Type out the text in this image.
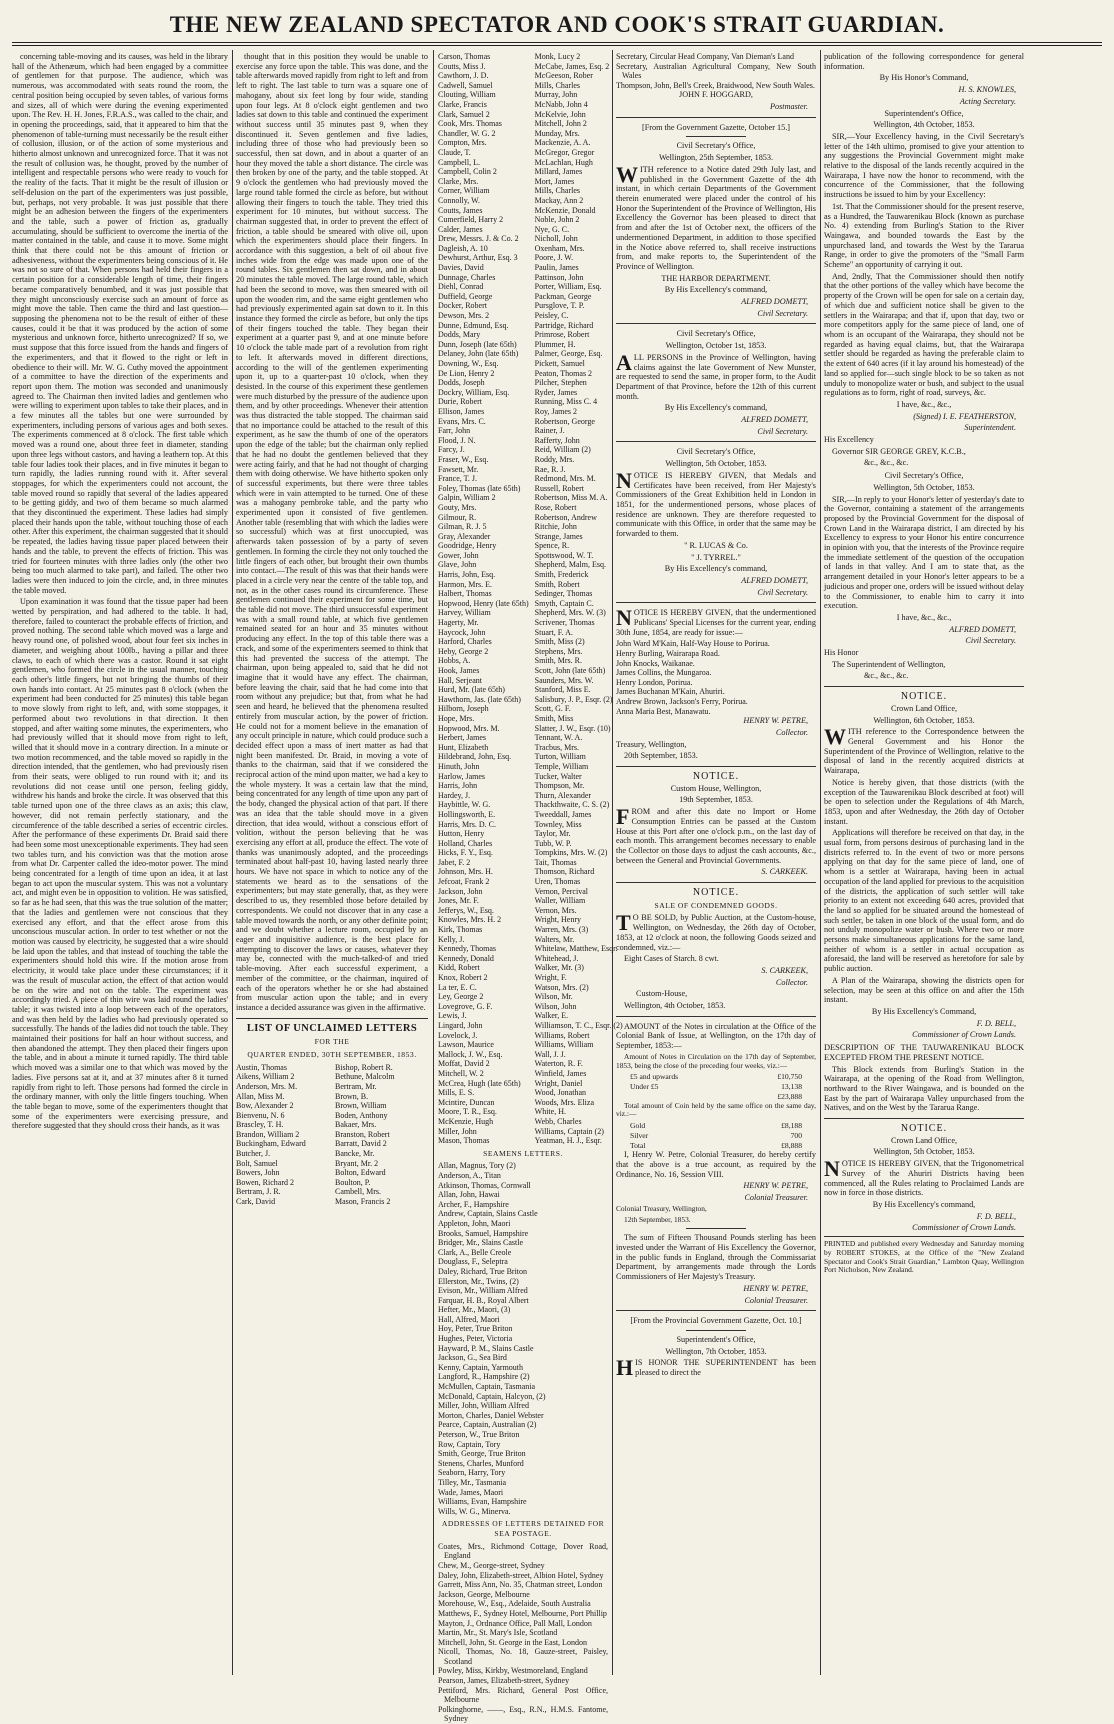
THE NEW ZEALAND SPECTATOR AND COOK'S STRAIT GUARDIAN.

concerning table-moving and its causes, was held in the library hall of the Athenæum, which had been engaged by a committee of gentlemen for that purpose. The audience, which was numerous, was accommodated with seats round the room, the central position being occupied by seven tables, of various forms and sizes, all of which were during the evening experimented upon. The Rev. H. H. Jones, F.R.A.S., was called to the chair, and in opening the proceedings, said, that it appeared to him that the phenomenon of table-turning must necessarily be the result either of collusion, illusion, or of the action of some mysterious and hitherto almost unknown and unrecognized force. That it was not the result of collusion was, he thought, proved by the number of intelligent and respectable persons who were ready to vouch for the reality of the facts. That it might be the result of illusion or self-delusion on the part of the experimenters was just possible, but, perhaps, not very probable. It was just possible that there might be an adhesion between the fingers of the experimenters and the table, such a power of friction as, gradually accumulating, should be sufficient to overcome the inertia of the matter contained in the table, and cause it to move. Some might think that there could not be this amount of friction or adhesiveness, without the experimenters being conscious of it. He was not so sure of that. When persons had held their fingers in a certain position for a considerable length of time, their fingers became comparatively benumbed, and it was just possible that they might unconsciously exercise such an amount of force as might move the table. Then came the third and last question—supposing the phenomena not to be the result of either of these causes, could it be that it was produced by the action of some mysterious and unknown force, hitherto unrecognized? If so, we must suppose that this force issued from the hands and fingers of the experimenters, and that it flowed to the right or left in obedience to their will. Mr. W. G. Cuthy moved the appointment of a committee to have the direction of the experiments and report upon them. The motion was seconded and unanimously agreed to. The Chairman then invited ladies and gentlemen who were willing to experiment upon tables to take their places, and in a few minutes all the tables but one were surrounded by experimenters, including persons of various ages and both sexes. The experiments commenced at 8 o'clock. The first table which moved was a round one, about three feet in diameter, standing upon three legs without castors, and having a leathern top. At this table four ladies took their places, and in five minutes it began to turn rapidly, the ladies running round with it. After several stoppages, for which the experimenters could not account, the table moved round so rapidly that several of the ladies appeared to be getting giddy, and two of them became so much alarmed that they discontinued the experiment. These ladies had simply placed their hands upon the table, without touching those of each other. After this experiment, the chairman suggested that it should be repeated, the ladies having tissue paper placed between their hands and the table, to prevent the effects of friction. This was tried for fourteen minutes with three ladies only (the other two being too much alarmed to take part), and failed. The other two ladies were then induced to join the circle, and, in three minutes the table moved.

Upon examination it was found that the tissue paper had been wetted by perspiration, and had adhered to the table. It had, therefore, failed to counteract the probable effects of friction, and proved nothing. The second table which moved was a large and heavy round one, of polished wood, about four feet six inches in diameter, and weighing about 100lb., having a pillar and three claws, to each of which there was a castor. Round it sat eight gentlemen, who formed the circle in the usual manner, touching each other's little fingers, but not bringing the thumbs of their own hands into contact. At 25 minutes past 8 o'clock (when the experiment had been conducted for 25 minutes) this table began to move slowly from right to left, and, with some stoppages, it performed about two revolutions in that direction. It then stopped, and after waiting some minutes, the experimenters, who had previously willed that it should move from right to left, willed that it should move in a contrary direction. In a minute or two motion recommenced, and the table moved so rapidly in the direction intended, that the gentlemen, who had previously risen from their seats, were obliged to run round with it; and its revolutions did not cease until one person, feeling giddy, withdrew his hands and broke the circle. It was observed that this table turned upon one of the three claws as an axis; this claw, however, did not remain perfectly stationary, and the circumference of the table described a series of eccentric circles. After the performance of these experiments Dr. Braid said there had been some most unexceptionable experiments. They had seen two tables turn, and his conviction was that the motion arose from what Dr. Carpenter called the ideo-motor power. The mind being concentrated for a length of time upon an idea, it at last began to act upon the muscular system. This was not a voluntary act, and might even be in opposition to volition. He was satisfied, so far as he had seen, that this was the true solution of the matter; that the ladies and gentlemen were not conscious that they exercised any effort, and that the effect arose from this unconscious muscular action. In order to test whether or not the motion was caused by electricity, he suggested that a wire should be laid upon the tables, and that instead of touching the table the experimenters should hold this wire. If the motion arose from electricity, it would take place under these circumstances; if it was the result of muscular action, the effect of that action would be on the wire and not on the table. The experiment was accordingly tried. A piece of thin wire was laid round the ladies' table; it was twisted into a loop between each of the operators, and was then held by the ladies who had previously operated so successfully. The hands of the ladies did not touch the table. They maintained their positions for half an hour without success, and then abandoned the attempt. They then placed their fingers upon the table, and in about a minute it turned rapidly. The third table which moved was a similar one to that which was moved by the ladies. Five persons sat at it, and at 37 minutes after 8 it turned rapidly from right to left. Those persons had formed the circle in the ordinary manner, with only the little fingers touching. When the table began to move, some of the experimenters thought that some of the experimenters were exercising pressure, and therefore suggested that they should cross their hands, as it was

thought that in this position they would be unable to exercise any force upon the table. This was done, and the table afterwards moved rapidly from right to left and from left to right. The last table to turn was a square one of mahogany, about six feet long by four wide, standing upon four legs. At 8 o'clock eight gentlemen and two ladies sat down to this table and continued the experiment without success until 35 minutes past 9, when they discontinued it. Seven gentlemen and five ladies, including three of those who had previously been so successful, then sat down, and in about a quarter of an hour they moved the table a short distance. The circle was then broken by one of the party, and the table stopped. At 9 o'clock the gentlemen who had previously moved the large round table formed the circle as before, but without allowing their fingers to touch the table. They tried this experiment for 10 minutes, but without success. The chairman suggested that, in order to prevent the effect of friction, a table should be smeared with olive oil, upon which the experimenters should place their fingers. In accordance with this suggestion, a belt of oil about five inches wide from the edge was made upon one of the round tables. Six gentlemen then sat down, and in about 20 minutes the table moved. The large round table, which had been the second to move, was then smeared with oil upon the wooden rim, and the same eight gentlemen who had previously experimented again sat down to it. In this instance they formed the circle as before, but only the tips of their fingers touched the table. They began their experiment at a quarter past 9, and at one minute before 10 o'clock the table made part of a revolution from right to left. It afterwards moved in different directions, according to the will of the gentlemen experimenting upon it, up to a quarter-past 10 o'clock, when they desisted. In the course of this experiment these gentlemen were much disturbed by the pressure of the audience upon them, and by other proceedings. Whenever their attention was thus distracted the table stopped. The chairman said that no importance could be attached to the result of this experiment, as he saw the thumb of one of the operators upon the edge of the table; but the chairman only replied that he had no doubt the gentlemen believed that they were acting fairly, and that he had not thought of charging them with doing otherwise. We have hitherto spoken only of successful experiments, but there were three tables which were in vain attempted to be turned. One of these was a mahogany pembroke table, and the party who experimented upon it consisted of five gentlemen. Another table (resembling that with which the ladies were so successful) which was at first unoccupied, was afterwards taken possession of by a party of seven gentlemen. In forming the circle they not only touched the little fingers of each other, but brought their own thumbs into contact.—The result of this was that their hands were placed in a circle very near the centre of the table top, and not, as in the other cases round its circumference. These gentlemen continued their experiment for some time, but the table did not move. The third unsuccessful experiment was with a small round table, at which five gentlemen remained seated for an hour and 35 minutes without producing any effect. In the top of this table there was a crack, and some of the experimenters seemed to think that this had prevented the success of the attempt. The chairman, upon being appealed to, said that he did not imagine that it would have any effect. The chairman, before leaving the chair, said that he had come into that room without any prejudice; but that, from what he had seen and heard, he believed that the phenomena resulted entirely from muscular action, by the power of friction. He could not for a moment believe in the emanation of any occult principle in nature, which could produce such a decided effect upon a mass of inert matter as had that night been manifested. Dr. Braid, in moving a vote of thanks to the chairman, said that if we considered the reciprocal action of the mind upon matter, we had a key to the whole mystery. It was a certain law that the mind, being concentrated for any length of time upon any part of the body, changed the physical action of that part. If there was an idea that the table should move in a given direction, that idea would, without a conscious effort of volition, without the person believing that he was exercising any effort at all, produce the effect. The vote of thanks was unanimously adopted, and the proceedings terminated about half-past 10, having lasted nearly three hours. We have not space in which to notice any of the statements we heard as to the sensations of the experimenters; but may state generally, that, as they were described to us, they resembled those before detailed by correspondents. We could not discover that in any case a table moved towards the north, or any other definite point; and we doubt whether a lecture room, occupied by an eager and inquisitive audience, is the best place for attempting to discover the laws or causes, whatever they may be, connected with the much-talked-of and tried table-moving. After each successful experiment, a member of the committee, or the chairman, inquired of each of the operators whether he or she had abstained from muscular action upon the table; and in every instance a decided assurance was given in the affirmative.

LIST OF UNCLAIMED LETTERS
FOR THE
QUARTER ENDED, 30TH SEPTEMBER, 1853.
Austin, Thomas
Aikens, William 2
Anderson, Mrs. M.
Allan, Miss M.
Bow, Alexander 2
Bienvenu, N. 6
Brascley, T. H.
Brandon, William 2
Buckingham, Edward
Butcher, J.
Bolt, Samuel
Bowers, John
Bowen, Richard 2
Bertram, J. R.
Cark, David
Bishop, Robert R.
Bethune, Malcolm
Bertram, Mr.
Brown, B.
Brown, William
Boden, Anthony
Bakaer, Mrs.
Branston, Robert
Barratt, David 2
Bancke, Mr.
Bryant, Mr. 2
Bolton, Edward
Boulton, P.
Cambell, Mrs.
Mason, Francis 2
Carson, Thomas
Coutts, Miss J.
Cawthorn, J. D.
Cadwell, Samuel
Clouting, William
Clarke, Francis
Clark, Samuel 2
Cook, Mrs. Thomas
Chandler, W. G. 2
Compton, Mrs.
Claude, T.
Campbell, L.
Campbell, Colin 2
Clarke, Mrs.
Corner, William
Connolly, W.
Coutts, James
Cumerfield, Harry 2
Calder, James
Drew, Messrs. J. & Co. 2
Dagleish, A. 10
Dewhurst, Arthur, Esq. 3
Davies, David
Dunnage, Charles
Diehl, Conrad
Duffield, George
Docker, Robert
Dewson, Mrs. 2
Dunne, Edmund, Esq.
Dodds, Mary
Dunn, Joseph (late 65th)
Delaney, John (late 65th)
Downing, W., Esq.
De Lion, Henry 2
Dodds, Joseph
Dockry, William, Esq.
Durie, Robert
Ellison, James
Evans, Mrs. C.
Farr, John
Flood, J. N.
Farcy, J.
Fraser, W., Esq.
Fawsett, Mr.
France, T. J.
Foley, Thomas (late 65th)
Galpin, William 2
Gouty, Mrs.
Gilmour, R.
Gilman, R. J. 5
Gray, Alexander
Goodridge, Henry
Gower, John
Glave, John
Harris, John, Esq.
Harmon, Mrs. E.
Halbert, Thomas
Hopwood, Henry (late 65th)
Harvey, William
Hagerty, Mr.
Haycock, John
Harford, Charles
Heby, George 2
Hobbs, A.
Hook, James
Hall, Serjeant
Hurd, Mr. (late 65th)
Hawthorn, Jas. (late 65th)
Hilborn, Joseph
Hope, Mrs.
Hopwood, Mrs. M.
Herbert, James
Hunt, Elizabeth
Hildebrand, John, Esq.
Hinuth, John
Harlow, James
Harris, John
Hardey, J.
Haybittle, W. G.
Hollingsworth, E.
Harris, Mrs. D. C.
Hutton, Henry
Holland, Charles
Hicks, F. Y., Esq.
Jabet, F. 2
Johnson, Mrs. H.
Jefcoat, Frank 2
Jackson, John
Jones, Mr. F.
Jefferys, W., Esq.
Knowles, Mrs. H. 2
Kirk, Thomas
Kelly, J.
Kennedy, Thomas
Kennedy, Donald
Kidd, Robert
Knox, Robert 2
La ter, E. C.
Ley, George 2
Lovegrove, G. F.
Lewis, J.
Lingard, John
Lovelock, J.
Lawson, Maurice
Mallock, J. W., Esq.
Moffat, David 2
Mitchell, W. 2
McCrea, Hugh (late 65th)
Mills, E. S.
Mcintire, Duncan
Moore, T. R., Esq.
McKenzie, Hugh
Miller, John
Mason, Thomas
Monk, Lucy 2
McCabe, James, Esq. 2
McGeeson, Rober
Mills, Charles
Murray, John
McNabb, John 4
McKelvie, John
Mitchell, John 2
Munday, Mrs.
Mackenzie, A. A.
McGregor, Gregor
McLachlan, Hugh
Millard, James
Mort, James
Mills, Charles
Mackay, Ann 2
McKenzie, Donald
Noble, John 2
Nye, G. C.
Nicholl, John
Oxenham, Mrs.
Poore, J. W.
Paulin, James
Pattinson, John
Porter, William, Esq.
Packman, George
Pursglove, T. P.
Peisley, C.
Partridge, Richard
Primrose, Robert
Plummer, H.
Palmer, George, Esq.
Pickett, Samuel
Peaton, Thomas 2
Pilcher, Stephen
Ryder, James
Running, Miss C. 4
Roy, James 2
Robertson, George
Rainer, J.
Rafferty, John
Reid, William (2)
Roddy, Mrs.
Rae, R. J.
Redmond, Mrs. M.
Russell, Robert
Robertson, Miss M. A.
Rose, Robert
Robertson, Andrew
Ritchie, John
Strange, James
Spence, R.
Spottswood, W. T.
Shepherd, Malm, Esq.
Smith, Frederick
Smith, Robert
Sedinger, Thomas
Smyth, Captain C.
Shepherd, Mrs. W. (3)
Scrivener, Thomas
Stuart, F. A.
Smith, Miss (2)
Stephens, Mrs.
Smith, Mrs. R.
Scott, John (late 65th)
Saunders, Mrs. W.
Stanford, Miss E.
Salisbury, J. P., Esqr. (2)
Scott, G. F.
Smith, Miss
Slatter, J. W., Esqr. (10)
Tennant, W. A.
Tracbus, Mrs.
Turton, William
Temple, William
Tucker, Walter
Thompson, Mr.
Thurn, Alexander
Thackthwaite, C. S. (2)
Tweeddall, James
Townley, Miss
Taylor, Mr.
Tubb, W. P.
Tompkins, Mrs. W. (2)
Tait, Thomas
Thomson, Richard
Uren, Thomas
Vernon, Percival
Waller, William
Vernon, Mrs.
Wright, Henry
Warren, Mrs. (3)
Walters, Mr.
Whitelaw, Matthew, Esqr.
Whitehead, J.
Walker, Mr. (3)
Wright, F.
Watson, Mrs. (2)
Wilson, Mr.
Wilson, John
Walker, E.
Williamson, T. C., Esqr. (2)
Williams, Robert
Williams, William
Wall, J. J.
Waterton, R. F.
Winfield, James
Wright, Daniel
Wood, Jonathan
Woods, Mrs. Eliza
White, H.
Webb, Charles
Williams, Captain (2)
Yeatman, H. J., Esqr.
SEAMENS LETTERS.
Allan, Magnus, Tory (2)
Anderson, A., Titan
Atkinson, Thomas, Cornwall
Allan, John, Hawai
Archer, F., Hampshire
Andrew, Captain, Slains Castle
Appleton, John, Maori
Brooks, Samuel, Hampshire
Bridger, Mr., Slains Castle
Clark, A., Belle Creole
Douglass, F., Seleptra
Daley, Richard, True Briton
Ellerston, Mr., Twins, (2)
Evison, Mr., William Alfred
Farquar, H. B., Royal Albert
Hefter, Mr., Maori, (3)
Hall, Alfred, Maori
Hoy, Peter, True Briton
Hughes, Peter, Victoria
Hayward, P. M., Slains Castle
Jackson, G., Sea Bird
Kenny, Captain, Yarmouth
Langford, R., Hampshire (2)
McMullen, Captain, Tasmania
McDonald, Captain, Halcyon, (2)
Miller, John, William Alfred
Morton, Charles, Daniel Webster
Pearce, Captain, Australian (2)
Peterson, W., True Briton
Row, Captain, Tory
Smith, George, True Briton
Stenens, Charles, Munford
Seaborn, Harry, Tory
Tilley, Mr., Tasmania
Wade, James, Maori
Williams, Evan, Hampshire
Wills, W. G., Minerva.
ADDRESSES OF LETTERS DETAINED FOR SEA POSTAGE.
Coates, Mrs., Richmond Cottage, Dover Road, England
Chew, M., George-street, Sydney
Daley, John, Elizabeth-street, Albion Hotel, Sydney
Garrett, Miss Ann, No. 35, Chatman street, London
Jackson, George, Melbourne
Morehouse, W., Esq., Adelaide, South Australia
Matthews, F., Sydney Hotel, Melbourne, Port Phillip
Mayton, J., Ordnance Office, Pall Mall, London
Martin, Mr., St. Mary's Isle, Scotland
Mitchell, John, St. George in the East, London
Nicoll, Thomas, No. 18, Gauze-street, Paisley, Scotland
Powley, Miss, Kirkby, Westmoreland, England
Pearson, James, Elizabeth-street, Sydney
Pettiford, Mrs. Richard, General Post Office, Melbourne
Polkinghorne, ——, Esq., R.N., H.M.S. Fantome, Sydney
Secretary, Circular Head Company, Van Dieman's Land
Secretary, Australian Agricultural Company, New South Wales
Thompson, John, Bell's Creek, Braidwood, New South Wales.

JOHN F. HOGGARD,

Postmaster.

[From the Government Gazette, October 15.]

Civil Secretary's Office,

Wellington, 25th September, 1853.

WITH reference to a Notice dated 29th July last, and published in the Government Gazette of the 4th instant, in which certain Departments of the Government therein enumerated were placed under the control of his Honor the Superintendent of the Province of Wellington, His Excellency the Governor has been pleased to direct that from and after the 1st of October next, the officers of the undermentioned Department, in addition to those specified in the Notice above referred to, shall receive instructions from, and make reports to, the Superintendent of the Province of Wellington.

THE HARBOR DEPARTMENT.

By His Excellency's command,

ALFRED DOMETT,

Civil Secretary.

Civil Secretary's Office,

Wellington, October 1st, 1853.

ALL PERSONS in the Province of Wellington, having claims against the late Government of New Munster, are requested to send the same, in proper form, to the Audit Department of that Province, before the 12th of this current month.

By His Excellency's command,

ALFRED DOMETT,

Civil Secretary.

Civil Secretary's Office,

Wellington, 5th October, 1853.

NOTICE IS HEREBY GIVEN, that Medals and Certificates have been received, from Her Majesty's Commissioners of the Great Exhibition held in London in 1851, for the undermentioned persons, whose places of residence are unknown. They are therefore requested to communicate with this Office, in order that the same may be forwarded to them.

" R. LUCAS & Co.

" J. TYRREL."

By His Excellency's command,

ALFRED DOMETT,

Civil Secretary.

NOTICE IS HEREBY GIVEN, that the undermentioned Publicans' Special Licenses for the current year, ending 30th June, 1854, are ready for issue:—

John Ward M'Kain, Half-Way House to Porirua.
Henry Burling, Wairarapa Road.
John Knocks, Waikanae.
James Collins, the Mungaroa.
Henry London, Porirua.
James Buchanan M'Kain, Ahuriri.
Andrew Brown, Jackson's Ferry, Porirua.
Anna Maria Best, Manawatu.

HENRY W. PETRE,

Collector.

Treasury, Wellington,

20th September, 1853.

NOTICE.

Custom House, Wellington,

19th September, 1853.

FROM and after this date no Import or Home Consumption Entries can be passed at the Custom House at this Port after one o'clock p.m., on the last day of each month. This arrangement becomes necessary to enable the Collector on those days to adjust the cash accounts, &c., between the General and Provincial Governments.

S. CARKEEK.

NOTICE.
SALE OF CONDEMNED GOODS.

T O BE SOLD, by Public Auction, at the Custom-house, Wellington, on Wednesday, the 26th day of October, 1853, at 12 o'clock at noon, the following Goods seized and condemned, viz.:—

Eight Cases of Starch. 8 cwt.

S. CARKEEK,

Collector.

Custom-House,

Wellington, 4th October, 1853.

AMOUNT of the Notes in circulation at the Office of the Colonial Bank of Issue, at Wellington, on the 17th day of September, 1853:—

Amount of Notes in Circulation on the 17th day of September, 1853, being the close of the preceding four weeks, viz.:—

£5 and upwards	£10,750
Under £5	13,138
£23,888

Total amount of Coin held by the same office on the same day, viz.:—

Gold	£8,188
Silver	700
Total	£8,888

I, Henry W. Petre, Colonial Treasurer, do hereby certify that the above is a true account, as required by the Ordinance, No. 16, Session VIII.

HENRY W. PETRE,

Colonial Treasurer.

Colonial Treasury, Wellington,

12th September, 1853.

The sum of Fifteen Thousand Pounds sterling has been invested under the Warrant of His Excellency the Governor, in the public funds in England, through the Commissariat Department, by arrangements made through the Lords Commissioners of Her Majesty's Treasury.

HENRY W. PETRE,

Colonial Treasurer.

[From the Provincial Government Gazette, Oct. 10.]

Superintendent's Office,

Wellington, 7th October, 1853.

HIS HONOR THE SUPERINTENDENT has been pleased to direct the

publication of the following correspondence for general information.

By His Honor's Command,

H. S. KNOWLES,

Acting Secretary.

Superintendent's Office,

Wellington, 4th October, 1853.

SIR,—Your Excellency having, in the Civil Secretary's letter of the 14th ultimo, promised to give your attention to any suggestions the Provincial Government might make relative to the disposal of the lands recently acquired in the Wairarapa, I have now the honor to recommend, with the concurrence of the Commissioner, that the following instructions be issued to him by your Excellency:

1st. That the Commissioner should for the present reserve, as a Hundred, the Tauwarenikau Block (known as purchase No. 4) extending from Burling's Station to the River Waingawa, and bounded towards the East by the unpurchased land, and towards the West by the Tararua Range, in order to give the promoters of the "Small Farm Scheme" an opportunity of carrying it out.

And, 2ndly, That the Commissioner should then notify that the other portions of the valley which have become the property of the Crown will be open for sale on a certain day, of which due and sufficient notice shall be given to the settlers in the Wairarapa; and that if, upon that day, two or more competitors apply for the same piece of land, one of whom is an occupant of the Wairarapa, they should not be regarded as having equal claims, but, that the Wairarapa settler should be regarded as having the preferable claim to the extent of 640 acres (if it lay around his homestead) of the land so applied for—such single block to be so taken as not unduly to monopolize water or bush, and subject to the usual regulations as to form, right of road, surveys, &c.

I have, &c., &c.,

(Signed) I. E. FEATHERSTON,

Superintendent.

His Excellency

Governor SIR GEORGE GREY, K.C.B.,

&c., &c., &c.

Civil Secretary's Office,

Wellington, 5th October, 1853.

SIR,—In reply to your Honor's letter of yesterday's date to the Governor, containing a statement of the arrangements proposed by the Provincial Government for the disposal of Crown Land in the Wairarapa district, I am directed by his Excellency to express to your Honor his entire concurrence in opinion with you, that the interests of the Province require the immediate settlement of the question of the occupation of lands in that valley. And I am to state that, as the arrangement detailed in your Honor's letter appears to be a judicious and proper one, orders will be issued without delay to the Commissioner, to enable him to carry it into execution.

I have, &c., &c.,

ALFRED DOMETT,

Civil Secretary.

His Honor

The Superintendent of Wellington,

&c., &c., &c.

NOTICE.

Crown Land Office,

Wellington, 6th October, 1853.

WITH reference to the Correspondence between the General Government and his Honor the Superintendent of the Province of Wellington, relative to the disposal of land in the recently acquired districts at Wairarapa,

Notice is hereby given, that those districts (with the exception of the Tauwarenikau Block described at foot) will be open to selection under the Regulations of 4th March, 1853, upon and after Wednesday, the 26th day of October instant.

Applications will therefore be received on that day, in the usual form, from persons desirous of purchasing land in the districts referred to. In the event of two or more persons applying on that day for the same piece of land, one of whom is a settler at Wairarapa, having been in actual occupation of the land applied for previous to the acquisition of the districts, the application of such settler will take priority to an extent not exceeding 640 acres, provided that the land so applied for be situated around the homestead of such settler, be taken in one block of the usual form, and do not unduly monopolize water or bush. Where two or more persons make simultaneous applications for the same land, neither of whom is a settler in actual occupation as aforesaid, the land will be reserved as heretofore for sale by public auction.

A Plan of the Wairarapa, showing the districts open for selection, may be seen at this office on and after the 15th instant.

By His Excellency's Command,

F. D. BELL,

Commissioner of Crown Lands.

DESCRIPTION OF THE TAUWARENIKAU BLOCK EXCEPTED FROM THE PRESENT NOTICE.

This Block extends from Burling's Station in the Wairarapa, at the opening of the Road from Wellington, northward to the River Waingawa, and is bounded on the East by the part of Wairarapa Valley unpurchased from the Natives, and on the West by the Tararua Range.

NOTICE.

Crown Land Office,

Wellington, 5th October, 1853.

NOTICE IS HEREBY GIVEN, that the Trigonometrical Survey of the Ahuriri Districts having been commenced, all the Rules relating to Proclaimed Lands are now in force in those districts.

By His Excellency's command,

F. D. BELL,

Commissioner of Crown Lands.

PRINTED and published every Wednesday and Saturday morning by ROBERT STOKES, at the Office of the "New Zealand Spectator and Cook's Strait Guardian," Lambton Quay, Wellington Port Nicholson, New Zealand.
